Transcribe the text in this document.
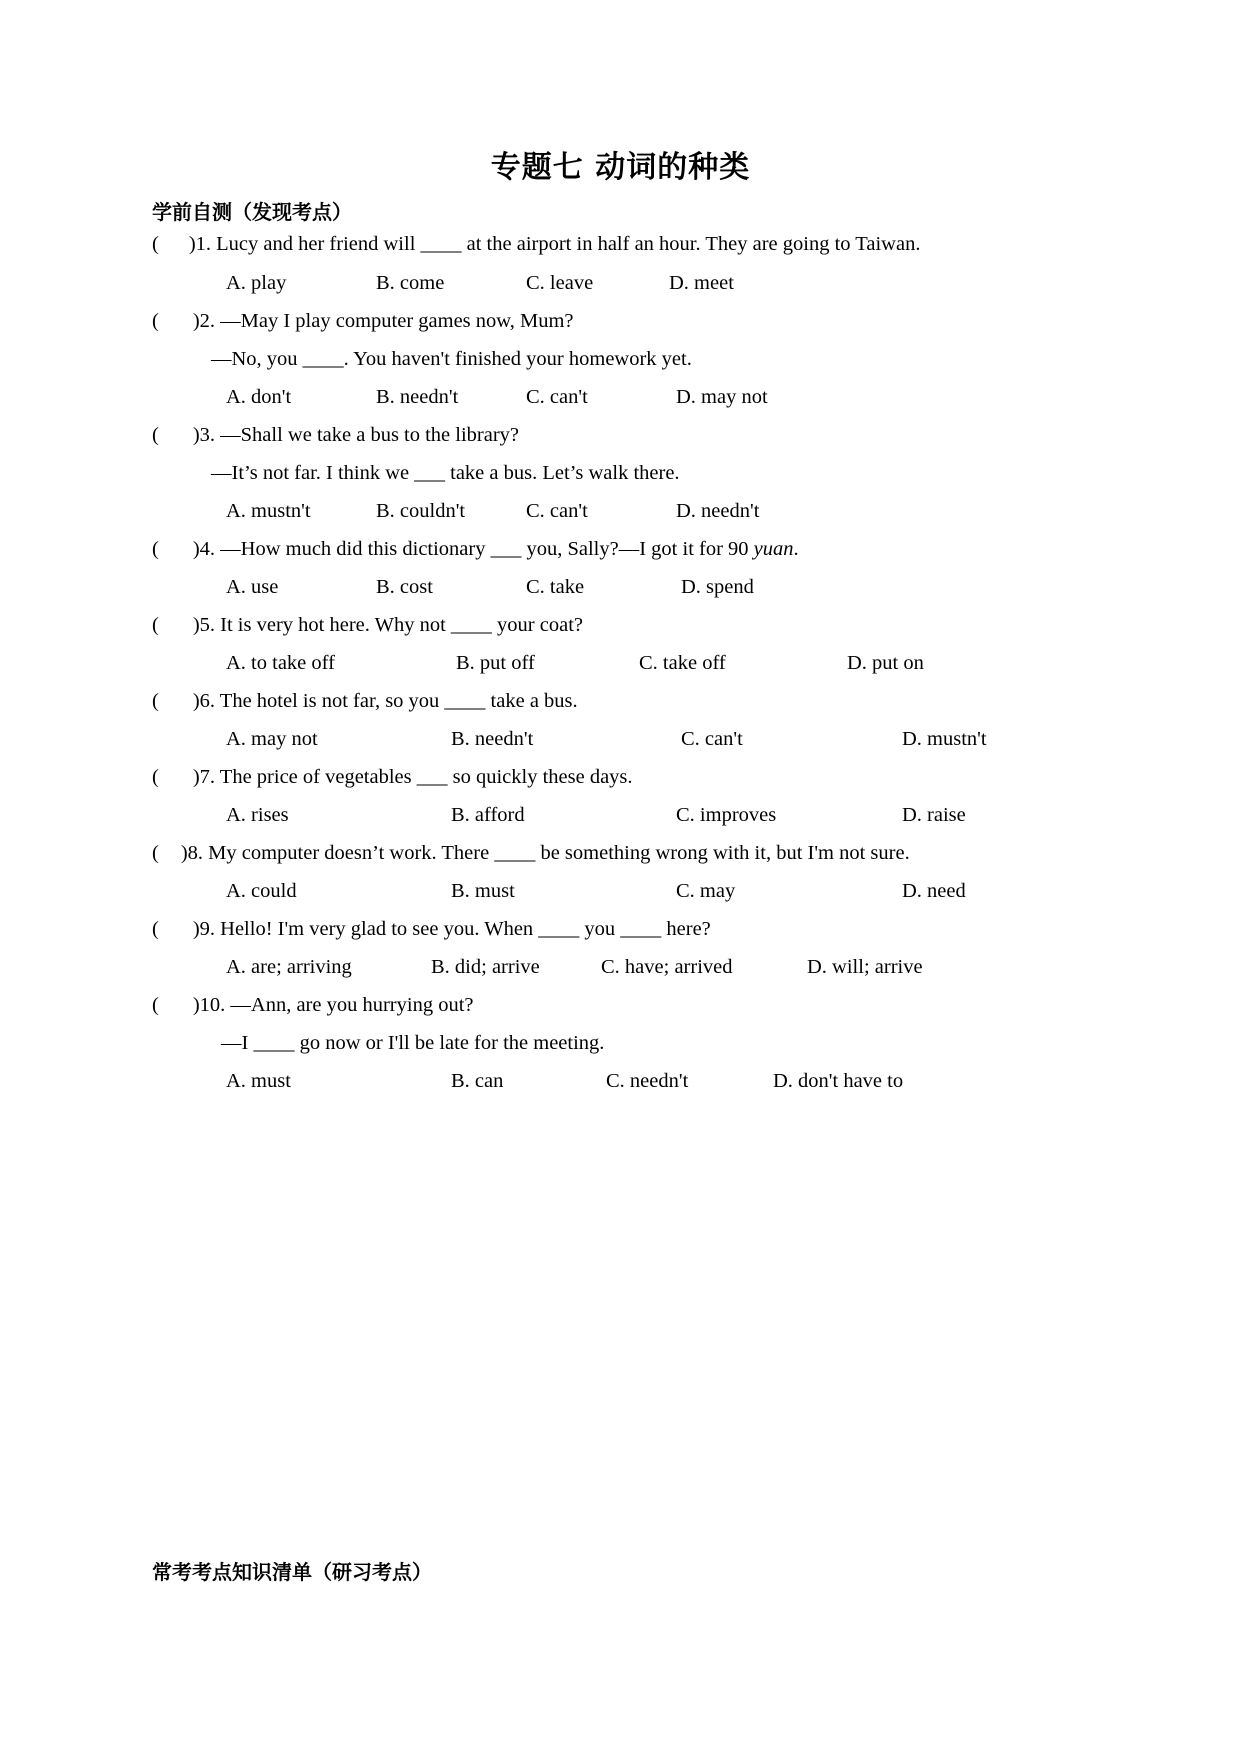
专题七 动词的种类
学前自测（发现考点）
( )1. Lucy and her friend will ____ at the airport in half an hour. They are going to Taiwan.
A. play	B. come	C. leave	D. meet
( )2. —May I play computer games now, Mum?
—No, you ____. You haven't finished your homework yet.
A. don't	B. needn't	C. can't	D. may not
( )3. —Shall we take a bus to the library?
—It’s not far. I think we ___ take a bus. Let’s walk there.
A. mustn't	B. couldn't	C. can't	D. needn't
( )4. —How much did this dictionary ___ you, Sally?—I got it for 90 yuan.
A. use	B. cost	C. take	D. spend
( )5. It is very hot here. Why not ____ your coat?
A. to take off	B. put off	C. take off	D. put on
( )6. The hotel is not far, so you ____ take a bus.
A. may not	B. needn't	C. can't	D. mustn't
( )7. The price of vegetables ___ so quickly these days.
A. rises	B. afford	C. improves	D. raise
( )8. My computer doesn’t work. There ____ be something wrong with it, but I'm not sure.
A. could	B. must	C. may	D. need
( )9. Hello! I'm very glad to see you. When ____ you ____ here?
A. are; arriving	B. did; arrive	C. have; arrived	D. will; arrive
( )10. —Ann, are you hurrying out?
—I ____ go now or I'll be late for the meeting.
A. must	B. can	C. needn't	D. don't have to
常考考点知识清单（研习考点）
